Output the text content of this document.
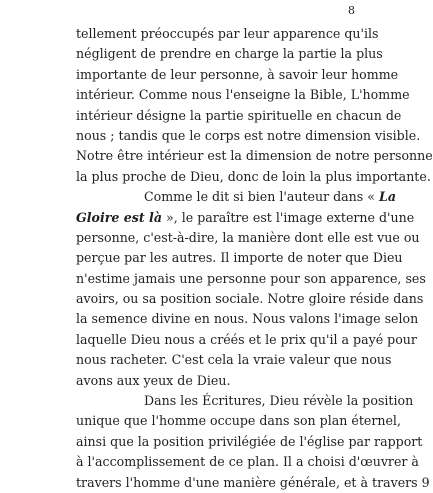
8
tellement préoccupés par leur apparence qu'ils
négligent de prendre en charge la partie la plus
importante de leur personne, à savoir leur homme
intérieur. Comme nous l'enseigne la Bible, L'homme
intérieur désigne la partie spirituelle en chacun de
nous ; tandis que le corps est notre dimension visible.
Notre être intérieur est la dimension de notre personne
la plus proche de Dieu, donc de loin la plus importante.
Comme le dit si bien l'auteur dans « La
Gloire est là », le paraître est l'image externe d'une
personne, c'est-à-dire, la manière dont elle est vue ou
perçue par les autres. Il importe de noter que Dieu
n'estime jamais une personne pour son apparence, ses
avoirs, ou sa position sociale. Notre gloire réside dans
la semence divine en nous. Nous valons l'image selon
laquelle Dieu nous a créés et le prix qu'il a payé pour
nous racheter. C'est cela la vraie valeur que nous
avons aux yeux de Dieu.
Dans les Écritures, Dieu révèle la position
unique que l'homme occupe dans son plan éternel,
ainsi que la position privilégiée de l'église par rapport
à l'accomplissement de ce plan. Il a choisi d'œuvrer à
travers l'homme d'une manière générale, et à travers 9
